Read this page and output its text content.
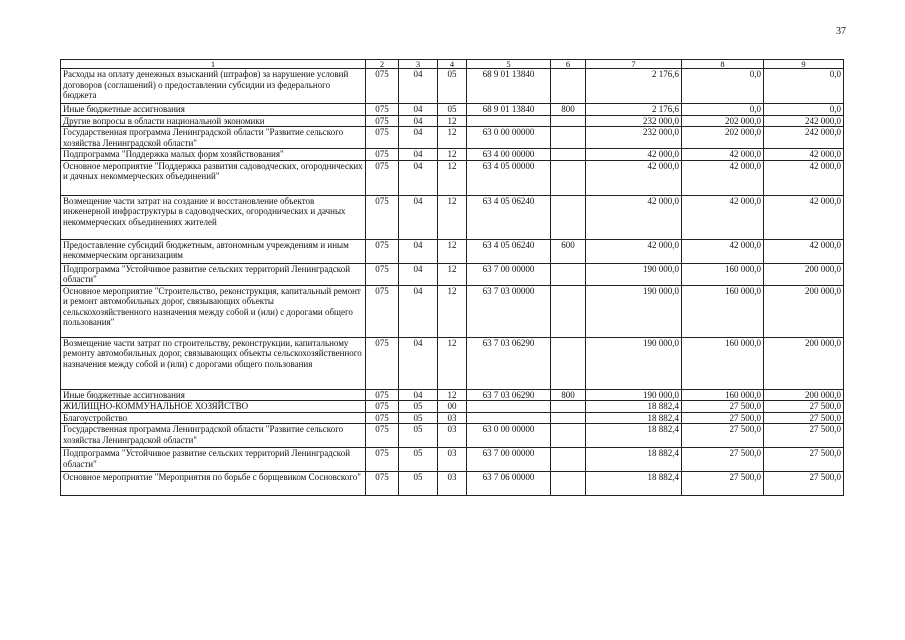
37
1	2	3	4	5	6	7	8	9
Расходы на оплату денежных взысканий (штрафов) за нарушение условий договоров (соглашений) о предоставлении субсидии из федерального бюджета	075	04	05	68 9 01 13840		2 176,6	0,0	0,0
Иные бюджетные ассигнования	075	04	05	68 9 01 13840	800	2 176,6	0,0	0,0
Другие вопросы в области национальной экономики	075	04	12			232 000,0	202 000,0	242 000,0
Государственная программа Ленинградской области "Развитие сельского хозяйства Ленинградской области"	075	04	12	63 0 00 00000		232 000,0	202 000,0	242 000,0
Подпрограмма "Поддержка малых форм хозяйствования"	075	04	12	63 4 00 00000		42 000,0	42 000,0	42 000,0
Основное мероприятие "Поддержка развития садоводческих, огороднических и дачных некоммерческих объединений"	075	04	12	63 4 05 00000		42 000,0	42 000,0	42 000,0
Возмещение части затрат на создание и восстановление объектов инженерной инфраструктуры в садоводческих, огороднических и дачных некоммерческих объединениях жителей	075	04	12	63 4 05 06240		42 000,0	42 000,0	42 000,0
Предоставление субсидий бюджетным, автономным учреждениям и иным некоммерческим организациям	075	04	12	63 4 05 06240	600	42 000,0	42 000,0	42 000,0
Подпрограмма "Устойчивое развитие сельских территорий Ленинградской области"	075	04	12	63 7 00 00000		190 000,0	160 000,0	200 000,0
Основное мероприятие "Строительство, реконструкция, капитальный ремонт и ремонт автомобильных дорог, связывающих объекты сельскохозяйственного назначения между собой и (или) с дорогами общего пользования"	075	04	12	63 7 03 00000		190 000,0	160 000,0	200 000,0
Возмещение части затрат по строительству, реконструкции, капитальному ремонту автомобильных дорог, связывающих объекты сельскохозяйственного назначения между собой и (или) с дорогами общего пользования	075	04	12	63 7 03 06290		190 000,0	160 000,0	200 000,0
Иные бюджетные ассигнования	075	04	12	63 7 03 06290	800	190 000,0	160 000,0	200 000,0
ЖИЛИЩНО-КОММУНАЛЬНОЕ ХОЗЯЙСТВО	075	05	00			18 882,4	27 500,0	27 500,0
Благоустройство	075	05	03			18 882,4	27 500,0	27 500,0
Государственная программа Ленинградской области "Развитие сельского хозяйства Ленинградской области"	075	05	03	63 0 00 00000		18 882,4	27 500,0	27 500,0
Подпрограмма "Устойчивое развитие сельских территорий Ленинградской области"	075	05	03	63 7 00 00000		18 882,4	27 500,0	27 500,0
Основное мероприятие "Мероприятия по борьбе с борщевиком Сосновского"	075	05	03	63 7 06 00000		18 882,4	27 500,0	27 500,0
